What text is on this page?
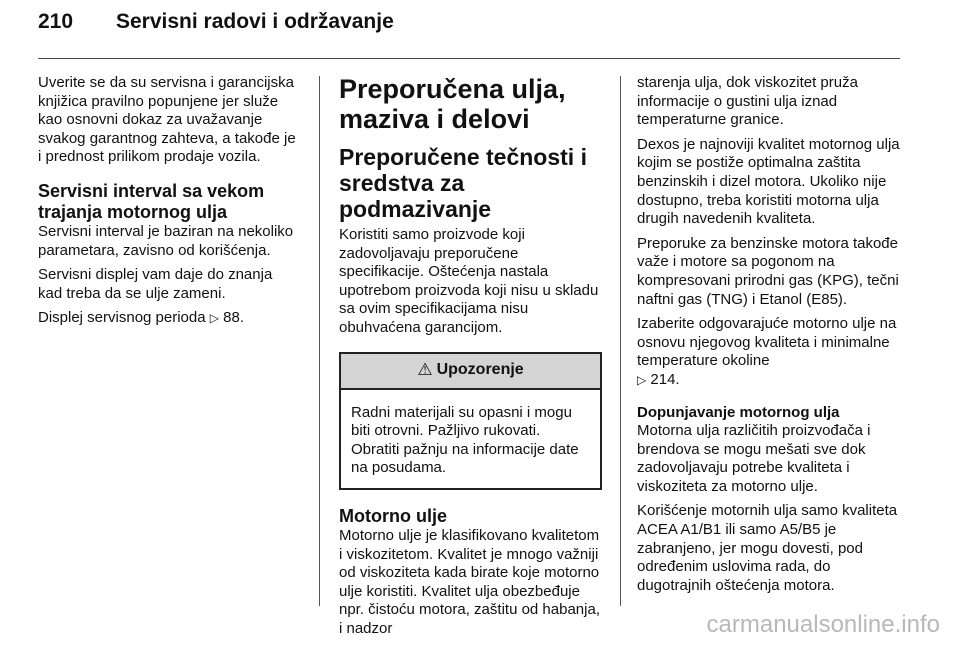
210 Servisni radovi i održavanje

Uverite se da su servisna i garancijska knjižica pravilno popunjene jer služe kao osnovni dokaz za uvažavanje svakog garantnog zahteva, a takođe je i prednost prilikom prodaje vozila.

Servisni interval sa vekom trajanja motornog ulja

Servisni interval je baziran na nekoliko parametara, zavisno od korišćenja.

Servisni displej vam daje do znanja kad treba da se ulje zameni.

Displej servisnog perioda ▷ 88.

Preporučena ulja, maziva i delovi
Preporučene tečnosti i sredstva za podmazivanje

Koristiti samo proizvode koji zadovoljavaju preporučene specifikacije. Oštećenja nastala upotrebom proizvoda koji nisu u skladu sa ovim specifikacijama nisu obuhvaćena garancijom.

⚠ Upozorenje
Radni materijali su opasni i mogu biti otrovni. Pažljivo rukovati. Obratiti pažnju na informacije date na posudama.
Motorno ulje

Motorno ulje je klasifikovano kvalitetom i viskozitetom. Kvalitet je mnogo važniji od viskoziteta kada birate koje motorno ulje koristiti. Kvalitet ulja obezbeđuje npr. čistoću motora, zaštitu od habanja, i nadzor

starenja ulja, dok viskozitet pruža informacije o gustini ulja iznad temperaturne granice.

Dexos je najnoviji kvalitet motornog ulja kojim se postiže optimalna zaštita benzinskih i dizel motora. Ukoliko nije dostupno, treba koristiti motorna ulja drugih navedenih kvaliteta.

Preporuke za benzinske motora takođe važe i motore sa pogonom na kompresovani prirodni gas (KPG), tečni naftni gas (TNG) i Etanol (E85).

Izaberite odgovarajuće motorno ulje na osnovu njegovog kvaliteta i minimalne temperature okoline
▷ 214.

Dopunjavanje motornog ulja

Motorna ulja različitih proizvođača i brendova se mogu mešati sve dok zadovoljavaju potrebe kvaliteta i viskoziteta za motorno ulje.

Korišćenje motornih ulja samo kvaliteta ACEA A1/B1 ili samo A5/B5 je zabranjeno, jer mogu dovesti, pod određenim uslovima rada, do dugotrajnih oštećenja motora.

carmanualsonline.info
